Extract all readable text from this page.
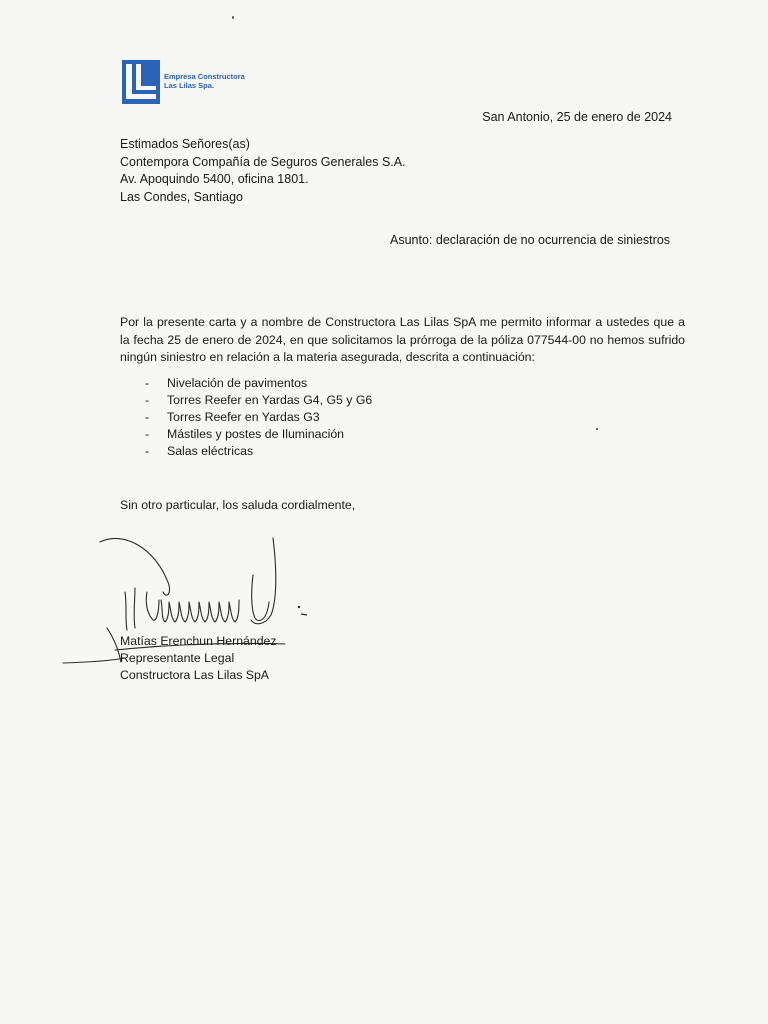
Empresa Constructora
Las Lilas Spa.
San Antonio, 25 de enero de 2024
Estimados Señores(as)
Contempora Compañía de Seguros Generales S.A.
Av. Apoquindo 5400, oficina 1801.
Las Condes, Santiago
Asunto: declaración de no ocurrencia de siniestros
Por la presente carta y a nombre de Constructora Las Lilas SpA me permito informar a ustedes que a la fecha 25 de enero de 2024, en que solicitamos la prórroga de la póliza 077544-00 no hemos sufrido ningún siniestro en relación a la materia asegurada, descrita a continuación:
- Nivelación de pavimentos
- Torres Reefer en Yardas G4, G5 y G6
- Torres Reefer en Yardas G3
- Mástiles y postes de Iluminación
- Salas eléctricas
Sin otro particular, los saluda cordialmente,
Matías Erenchun Hernández
Representante Legal
Constructora Las Lilas SpA
